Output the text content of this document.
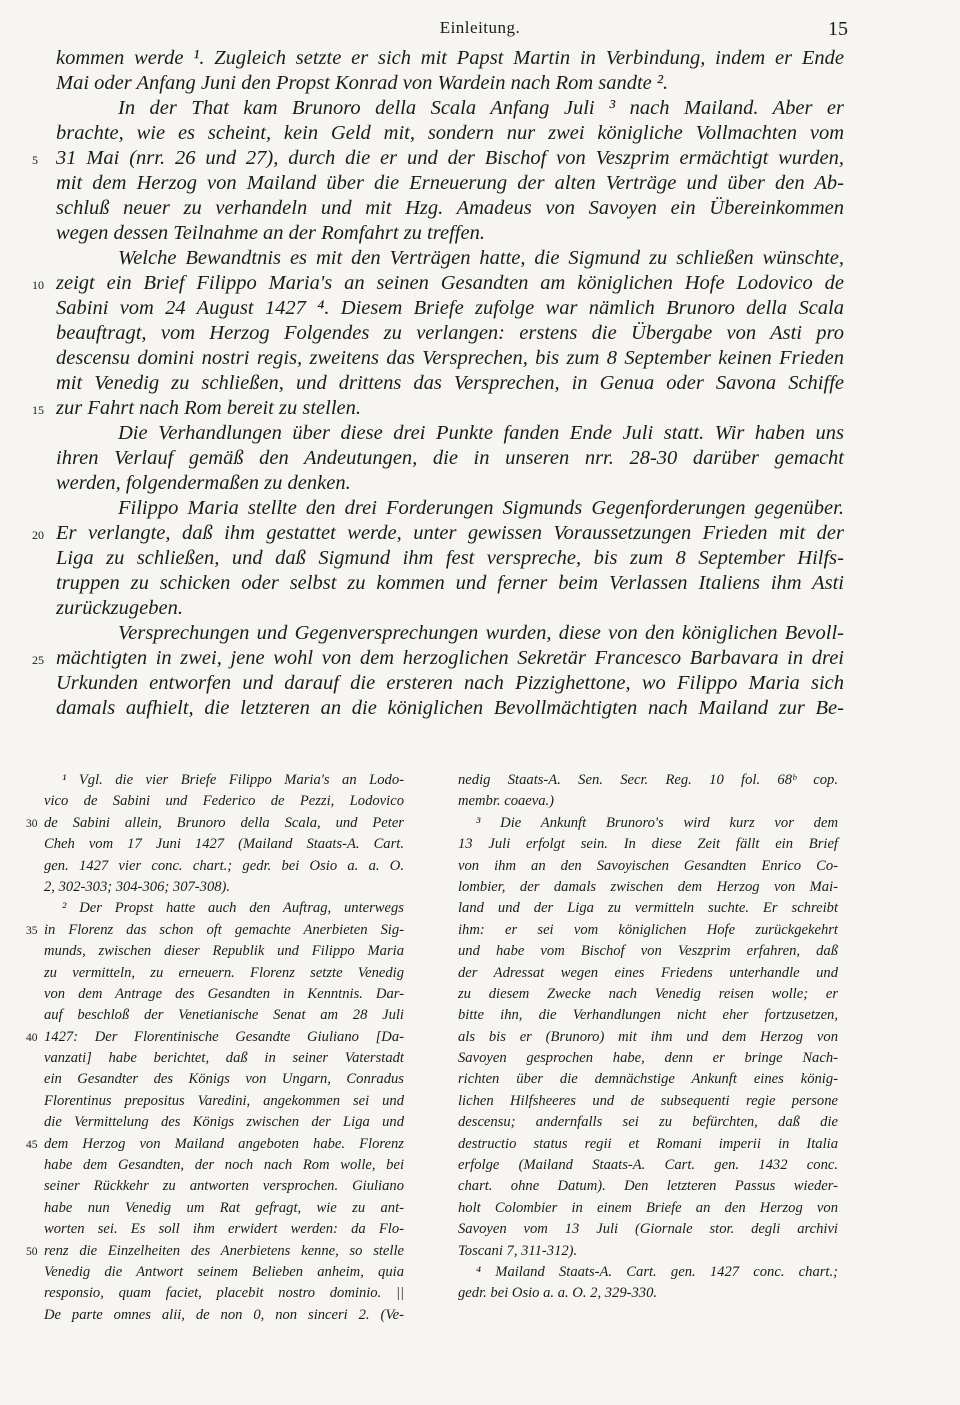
Einleitung.	15
kommen werde ¹. Zugleich setzte er sich mit Papst Martin in Verbindung, indem er Ende
Mai oder Anfang Juni den Propst Konrad von Wardein nach Rom sandte ².
In der That kam Brunoro della Scala Anfang Juli ³ nach Mailand. Aber er
brachte, wie es scheint, kein Geld mit, sondern nur zwei königliche Vollmachten vom
5 31 Mai (nrr. 26 und 27), durch die er und der Bischof von Veszprim ermächtigt wurden,
mit dem Herzog von Mailand über die Erneuerung der alten Verträge und über den Ab-
schluß neuer zu verhandeln und mit Hzg. Amadeus von Savoyen ein Übereinkommen
wegen dessen Teilnahme an der Romfahrt zu treffen.
Welche Bewandtnis es mit den Verträgen hatte, die Sigmund zu schließen wünschte,
10 zeigt ein Brief Filippo Maria's an seinen Gesandten am königlichen Hofe Lodovico de
Sabini vom 24 August 1427 ⁴. Diesem Briefe zufolge war nämlich Brunoro della Scala
beauftragt, vom Herzog Folgendes zu verlangen: erstens die Übergabe von Asti pro
descensu domini nostri regis, zweitens das Versprechen, bis zum 8 September keinen Frieden
mit Venedig zu schließen, und drittens das Versprechen, in Genua oder Savona Schiffe
15 zur Fahrt nach Rom bereit zu stellen.
Die Verhandlungen über diese drei Punkte fanden Ende Juli statt. Wir haben uns
ihren Verlauf gemäß den Andeutungen, die in unseren nrr. 28-30 darüber gemacht
werden, folgendermaßen zu denken.
Filippo Maria stellte den drei Forderungen Sigmunds Gegenforderungen gegenüber.
20 Er verlangte, daß ihm gestattet werde, unter gewissen Voraussetzungen Frieden mit der
Liga zu schließen, und daß Sigmund ihm fest verspreche, bis zum 8 September Hilfs-
truppen zu schicken oder selbst zu kommen und ferner beim Verlassen Italiens ihm Asti
zurückzugeben.
Versprechungen und Gegenversprechungen wurden, diese von den königlichen Bevoll-
25 mächtigten in zwei, jene wohl von dem herzoglichen Sekretär Francesco Barbavara in drei
Urkunden entworfen und darauf die ersteren nach Pizzighettone, wo Filippo Maria sich
damals aufhielt, die letzteren an die königlichen Bevollmächtigten nach Mailand zur Be-
¹ Vgl. die vier Briefe Filippo Maria's an Lodo-
vico de Sabini und Federico de Pezzi, Lodovico
30 de Sabini allein, Brunoro della Scala, und Peter
Cheh vom 17 Juni 1427 (Mailand Staats-A. Cart.
gen. 1427 vier conc. chart.; gedr. bei Osio a. a. O.
2, 302-303; 304-306; 307-308).
² Der Propst hatte auch den Auftrag, unterwegs
35 in Florenz das schon oft gemachte Anerbieten Sig-
munds, zwischen dieser Republik und Filippo Maria
zu vermitteln, zu erneuern. Florenz setzte Venedig
von dem Antrage des Gesandten in Kenntnis. Dar-
auf beschloß der Venetianische Senat am 28 Juli
40 1427: Der Florentinische Gesandte Giuliano [Da-
vanzati] habe berichtet, daß in seiner Vaterstadt
ein Gesandter des Königs von Ungarn, Conradus
Florentinus prepositus Varedini, angekommen sei und
die Vermittelung des Königs zwischen der Liga und
45 dem Herzog von Mailand angeboten habe. Florenz
habe dem Gesandten, der noch nach Rom wolle, bei
seiner Rückkehr zu antworten versprochen. Giuliano
habe nun Venedig um Rat gefragt, wie zu ant-
worten sei. Es soll ihm erwidert werden: da Flo-
50 renz die Einzelheiten des Anerbietens kenne, so stelle
Venedig die Antwort seinem Belieben anheim, quia
responsio, quam faciet, placebit nostro dominio. ||
De parte omnes alii, de non 0, non sinceri 2. (Ve-
nedig Staats-A. Sen. Secr. Reg. 10 fol. 68ᵇ cop.
membr. coaeva.)
³ Die Ankunft Brunoro's wird kurz vor dem
13 Juli erfolgt sein. In diese Zeit fällt ein Brief
von ihm an den Savoyischen Gesandten Enrico Co-
lombier, der damals zwischen dem Herzog von Mai-
land und der Liga zu vermitteln suchte. Er schreibt
ihm: er sei vom königlichen Hofe zurückgekehrt
und habe vom Bischof von Veszprim erfahren, daß
der Adressat wegen eines Friedens unterhandle und
zu diesem Zwecke nach Venedig reisen wolle; er
bitte ihn, die Verhandlungen nicht eher fortzusetzen,
als bis er (Brunoro) mit ihm und dem Herzog von
Savoyen gesprochen habe, denn er bringe Nach-
richten über die demnächstige Ankunft eines könig-
lichen Hilfsheeres und de subsequenti regie persone
descensu; andernfalls sei zu befürchten, daß die
destructio status regii et Romani imperii in Italia
erfolge (Mailand Staats-A. Cart. gen. 1432 conc.
chart. ohne Datum). Den letzteren Passus wieder-
holt Colombier in einem Briefe an den Herzog von
Savoyen vom 13 Juli (Giornale stor. degli archivi
Toscani 7, 311-312).
⁴ Mailand Staats-A. Cart. gen. 1427 conc. chart.;
gedr. bei Osio a. a. O. 2, 329-330.
